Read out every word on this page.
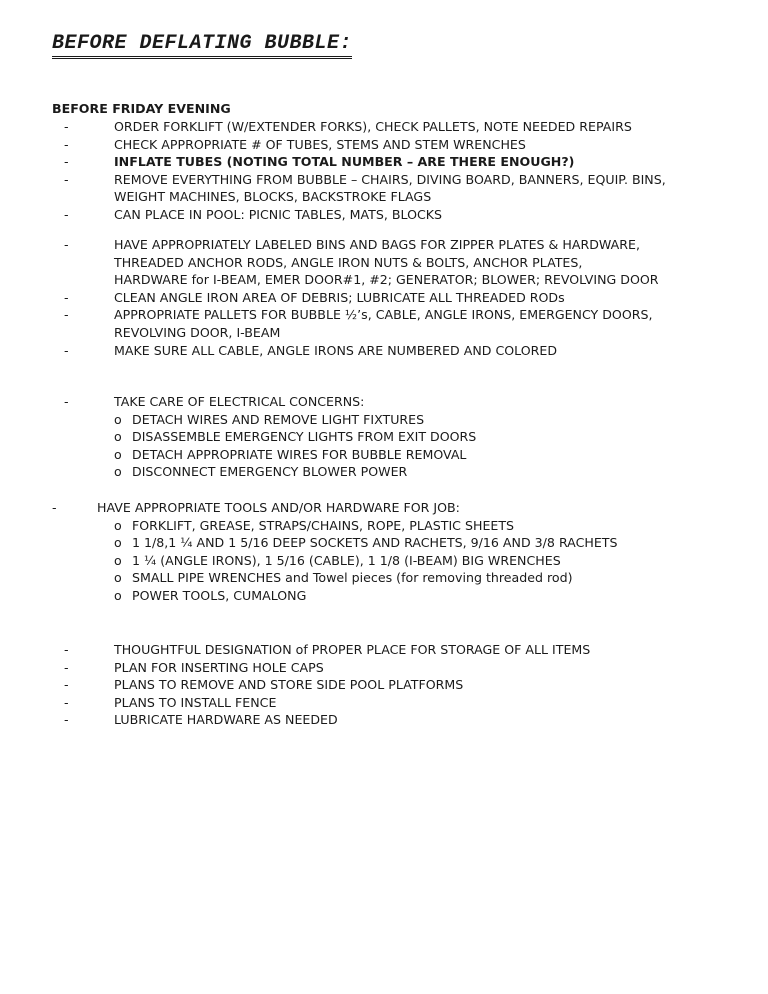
BEFORE DEFLATING BUBBLE:
BEFORE FRIDAY EVENING
-	ORDER FORKLIFT (W/EXTENDER FORKS), CHECK PALLETS, NOTE NEEDED REPAIRS
-	CHECK APPROPRIATE # OF TUBES, STEMS AND STEM WRENCHES
-	INFLATE TUBES (NOTING TOTAL NUMBER – ARE THERE ENOUGH?)
-	REMOVE EVERYTHING FROM BUBBLE – CHAIRS, DIVING BOARD, BANNERS, EQUIP. BINS,
WEIGHT MACHINES, BLOCKS, BACKSTROKE FLAGS
-	CAN PLACE IN POOL: PICNIC TABLES, MATS, BLOCKS
-	HAVE APPROPRIATELY LABELED BINS AND BAGS FOR ZIPPER PLATES & HARDWARE,
THREADED ANCHOR RODS, ANGLE IRON NUTS & BOLTS, ANCHOR PLATES,
HARDWARE for I-BEAM, EMER DOOR#1, #2; GENERATOR; BLOWER; REVOLVING DOOR
-	CLEAN ANGLE IRON AREA OF DEBRIS; LUBRICATE ALL THREADED RODs
-	APPROPRIATE PALLETS FOR BUBBLE ½’s, CABLE, ANGLE IRONS, EMERGENCY DOORS,
REVOLVING DOOR, I-BEAM
-	MAKE SURE ALL CABLE, ANGLE IRONS ARE NUMBERED AND COLORED
-	TAKE CARE OF ELECTRICAL CONCERNS:
o DETACH WIRES AND REMOVE LIGHT FIXTURES
o DISASSEMBLE EMERGENCY LIGHTS FROM EXIT DOORS
o DETACH APPROPRIATE WIRES FOR BUBBLE REMOVAL
o DISCONNECT EMERGENCY BLOWER POWER
-	HAVE APPROPRIATE TOOLS AND/OR HARDWARE FOR JOB:
o FORKLIFT, GREASE, STRAPS/CHAINS, ROPE, PLASTIC SHEETS
o 1 1/8,1 ¼ AND 1 5/16 DEEP SOCKETS AND RACHETS, 9/16 AND 3/8 RACHETS
o 1 ¼ (ANGLE IRONS), 1 5/16 (CABLE), 1 1/8 (I-BEAM) BIG WRENCHES
o SMALL PIPE WRENCHES and Towel pieces (for removing threaded rod)
o POWER TOOLS, CUMALONG
-	THOUGHTFUL DESIGNATION of PROPER PLACE FOR STORAGE OF ALL ITEMS
-	PLAN FOR INSERTING HOLE CAPS
-	PLANS TO REMOVE AND STORE SIDE POOL PLATFORMS
-	PLANS TO INSTALL FENCE
-	LUBRICATE HARDWARE AS NEEDED
